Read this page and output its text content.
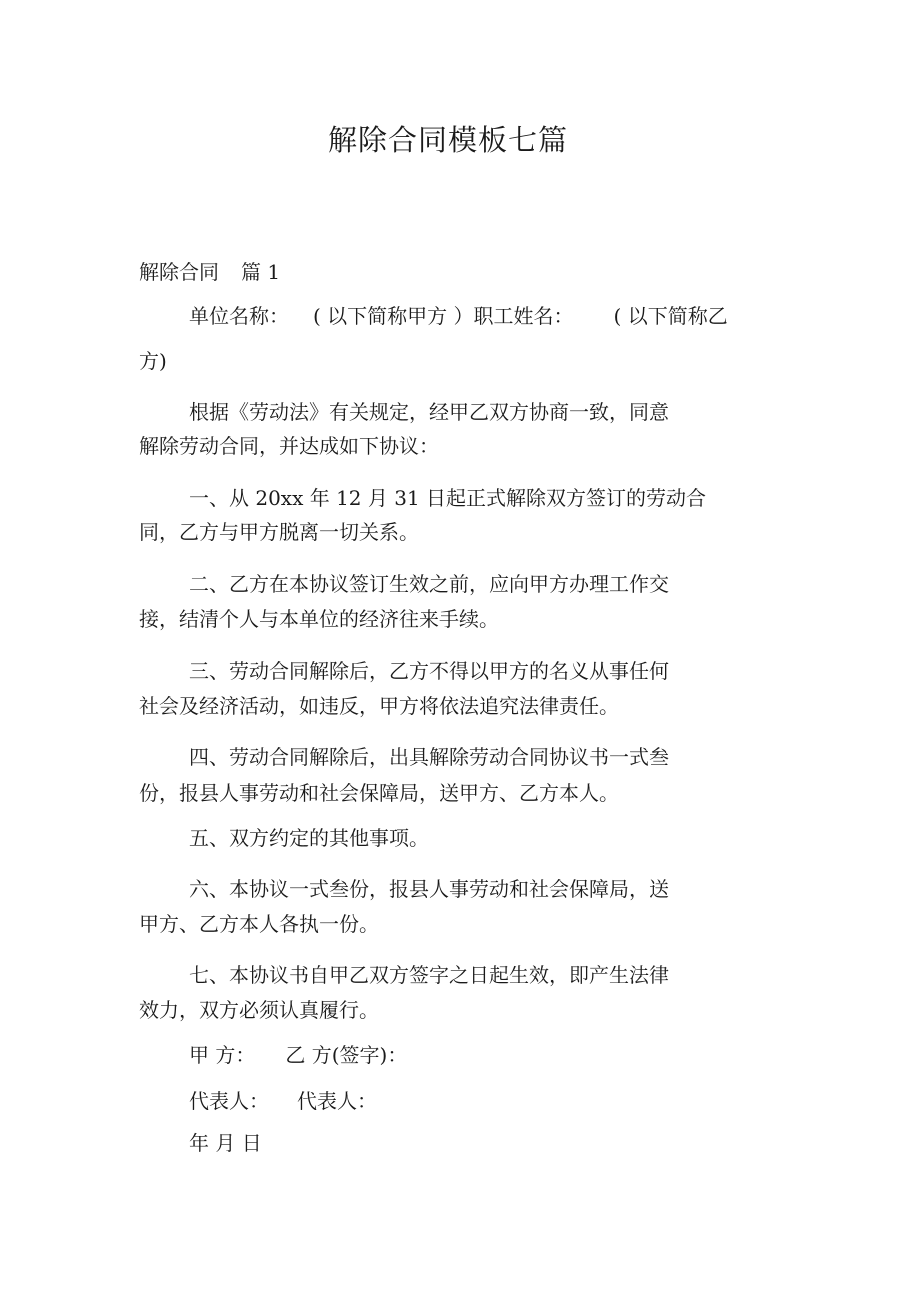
解除合同模板七篇
解除合同 篇 1
单位名称： ( 以下简称甲方 ）职工姓名： ( 以下简称乙
方)
根据《劳动法》有关规定，经甲乙双方协商一致，同意
解除劳动合同，并达成如下协议：
一、从 20xx 年 12 月 31 日起正式解除双方签订的劳动合
同，乙方与甲方脱离一切关系。
二、乙方在本协议签订生效之前，应向甲方办理工作交
接，结清个人与本单位的经济往来手续。
三、劳动合同解除后，乙方不得以甲方的名义从事任何
社会及经济活动，如违反，甲方将依法追究法律责任。
四、劳动合同解除后，出具解除劳动合同协议书一式叁
份，报县人事劳动和社会保障局，送甲方、乙方本人。
五、双方约定的其他事项。
六、本协议一式叁份，报县人事劳动和社会保障局，送
甲方、乙方本人各执一份。
七、本协议书自甲乙双方签字之日起生效，即产生法律
效力，双方必须认真履行。
甲 方： 乙 方(签字)：
代表人： 代表人：
年 月 日
